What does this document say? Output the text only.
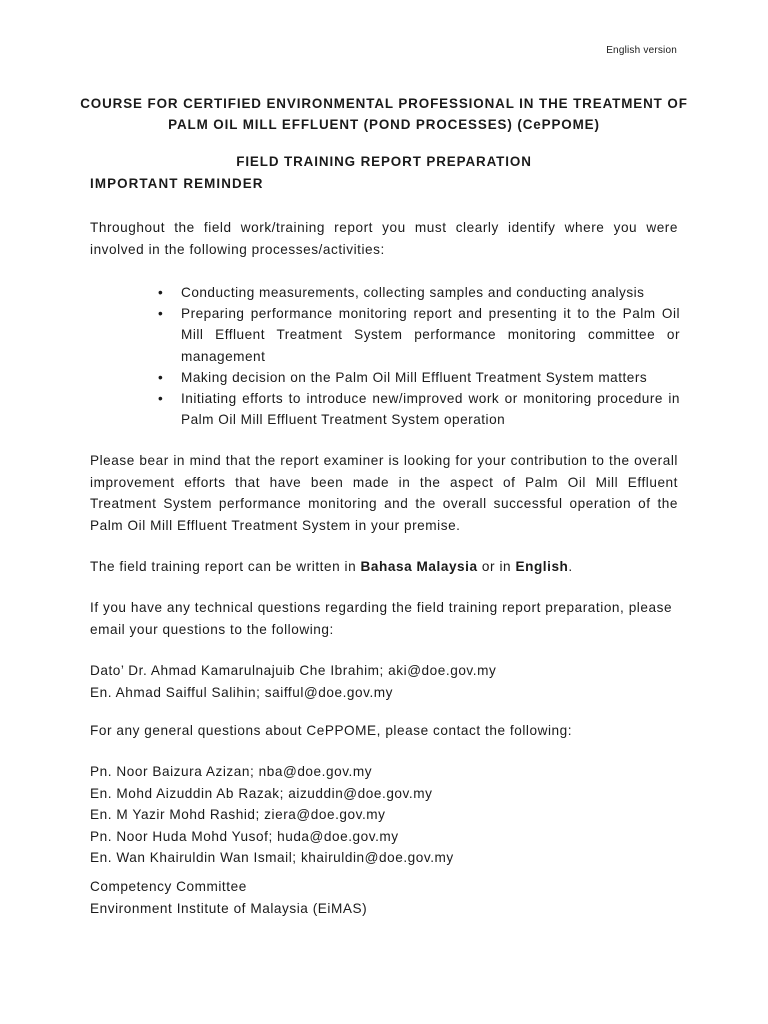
English version
COURSE FOR CERTIFIED ENVIRONMENTAL PROFESSIONAL IN THE TREATMENT OF
PALM OIL MILL EFFLUENT (POND PROCESSES) (CePPOME)
FIELD TRAINING REPORT PREPARATION
IMPORTANT REMINDER
Throughout the field work/training report you must clearly identify where you were involved in the following processes/activities:
• Conducting measurements, collecting samples and conducting analysis
• Preparing performance monitoring report and presenting it to the Palm Oil Mill Effluent Treatment System performance monitoring committee or management
• Making decision on the Palm Oil Mill Effluent Treatment System matters
• Initiating efforts to introduce new/improved work or monitoring procedure in Palm Oil Mill Effluent Treatment System operation
Please bear in mind that the report examiner is looking for your contribution to the overall improvement efforts that have been made in the aspect of Palm Oil Mill Effluent Treatment System performance monitoring and the overall successful operation of the Palm Oil Mill Effluent Treatment System in your premise.
The field training report can be written in Bahasa Malaysia or in English.
If you have any technical questions regarding the field training report preparation, please email your questions to the following:
Dato’ Dr. Ahmad Kamarulnajuib Che Ibrahim; aki@doe.gov.my
En. Ahmad Saifful Salihin; saifful@doe.gov.my
For any general questions about CePPOME, please contact the following:
Pn. Noor Baizura Azizan; nba@doe.gov.my
En. Mohd Aizuddin Ab Razak; aizuddin@doe.gov.my
En. M Yazir Mohd Rashid; ziera@doe.gov.my
Pn. Noor Huda Mohd Yusof; huda@doe.gov.my
En. Wan Khairuldin Wan Ismail; khairuldin@doe.gov.my
Competency Committee
Environment Institute of Malaysia (EiMAS)
